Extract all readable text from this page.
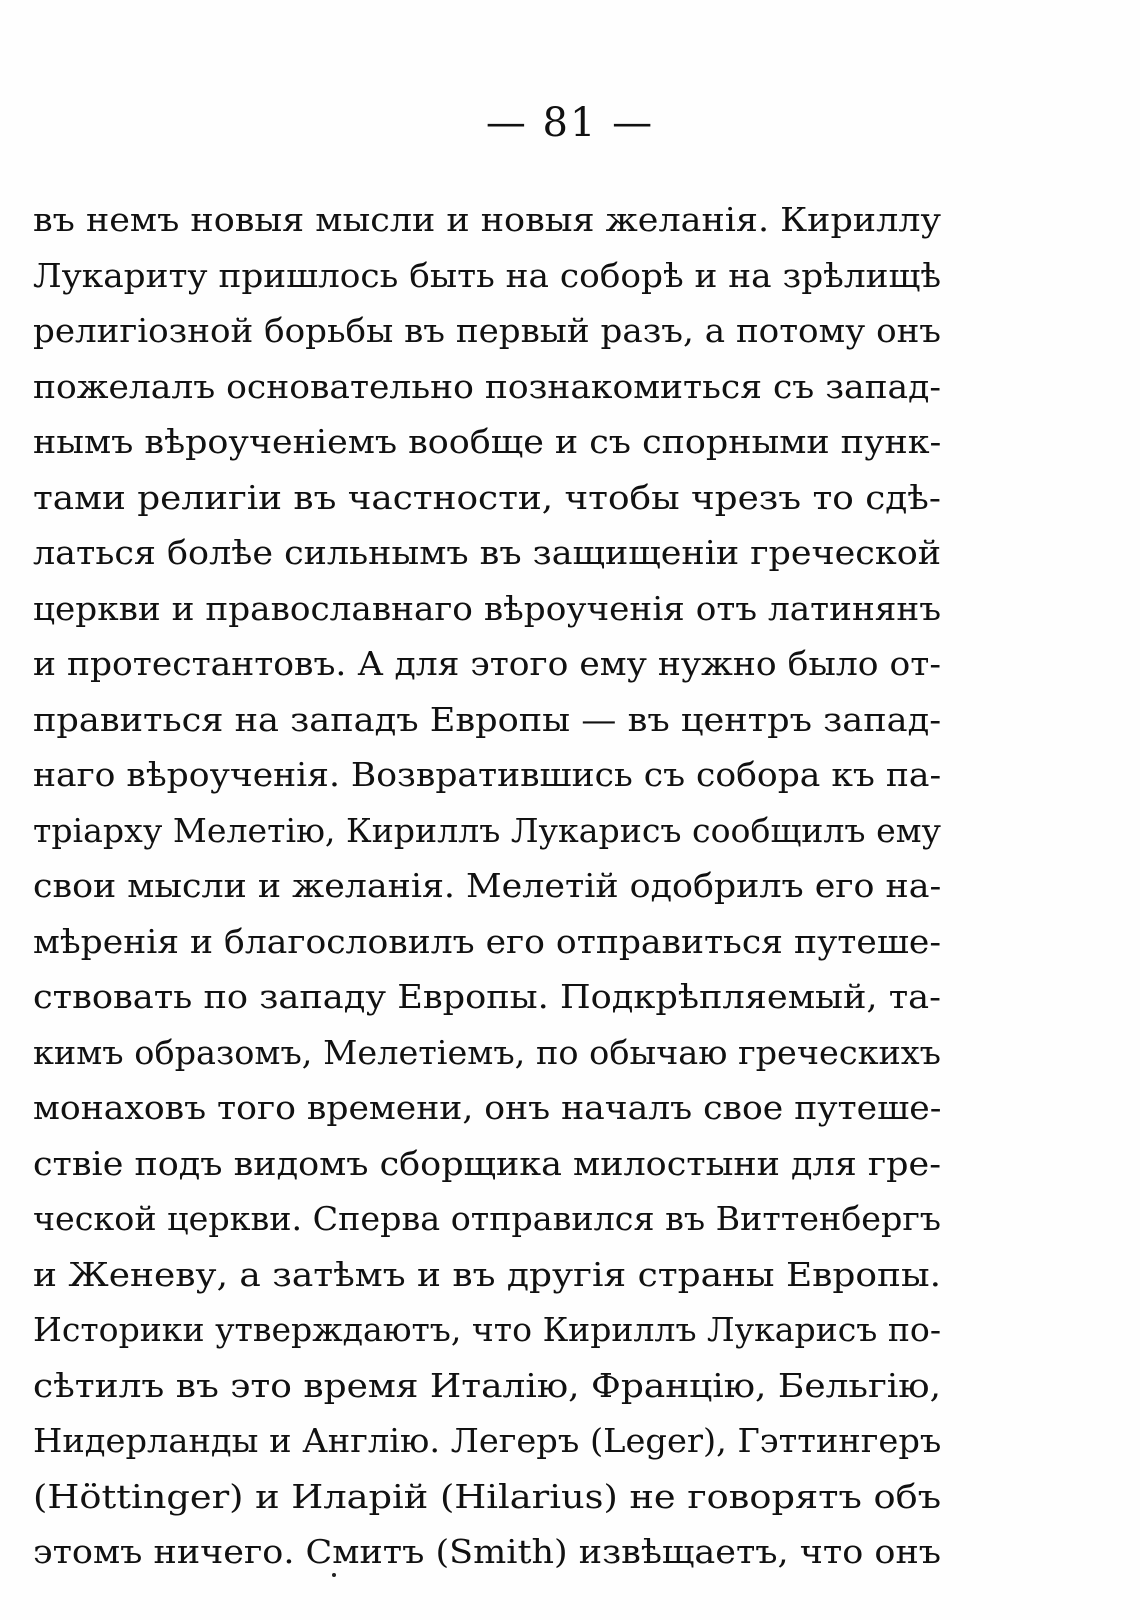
— 81 —
въ немъ новыя мысли и новыя желанія. Кириллу
Лукариту пришлось быть на соборѣ и на зрѣлищѣ
религіозной борьбы въ первый разъ, а потому онъ
пожелалъ основательно познакомиться съ запад-
нымъ вѣроученіемъ вообще и съ спорными пунк-
тами религіи въ частности, чтобы чрезъ то сдѣ-
латься болѣе сильнымъ въ защищеніи греческой
церкви и православнаго вѣроученія отъ латинянъ
и протестантовъ. А для этого ему нужно было от-
правиться на западъ Европы — въ центръ запад-
наго вѣроученія. Возвратившись съ собора къ па-
тріарху Мелетію, Кириллъ Лукарисъ сообщилъ ему
свои мысли и желанія. Мелетій одобрилъ его на-
мѣренія и благословилъ его отправиться путеше-
ствовать по западу Европы. Подкрѣпляемый, та-
кимъ образомъ, Мелетіемъ, по обычаю греческихъ
монаховъ того времени, онъ началъ свое путеше-
ствіе подъ видомъ сборщика милостыни для гре-
ческой церкви. Сперва отправился въ Виттенбергъ
и Женеву, а затѣмъ и въ другія страны Европы.
Историки утверждаютъ, что Кириллъ Лукарисъ по-
сѣтилъ въ это время Италію, Францію, Бельгію,
Нидерланды и Англію. Легеръ (Leger), Гэттингеръ
(Höttinger) и Иларій (Hilarius) не говорятъ объ
этомъ ничего. Смитъ (Smith) извѣщаетъ, что онъ
